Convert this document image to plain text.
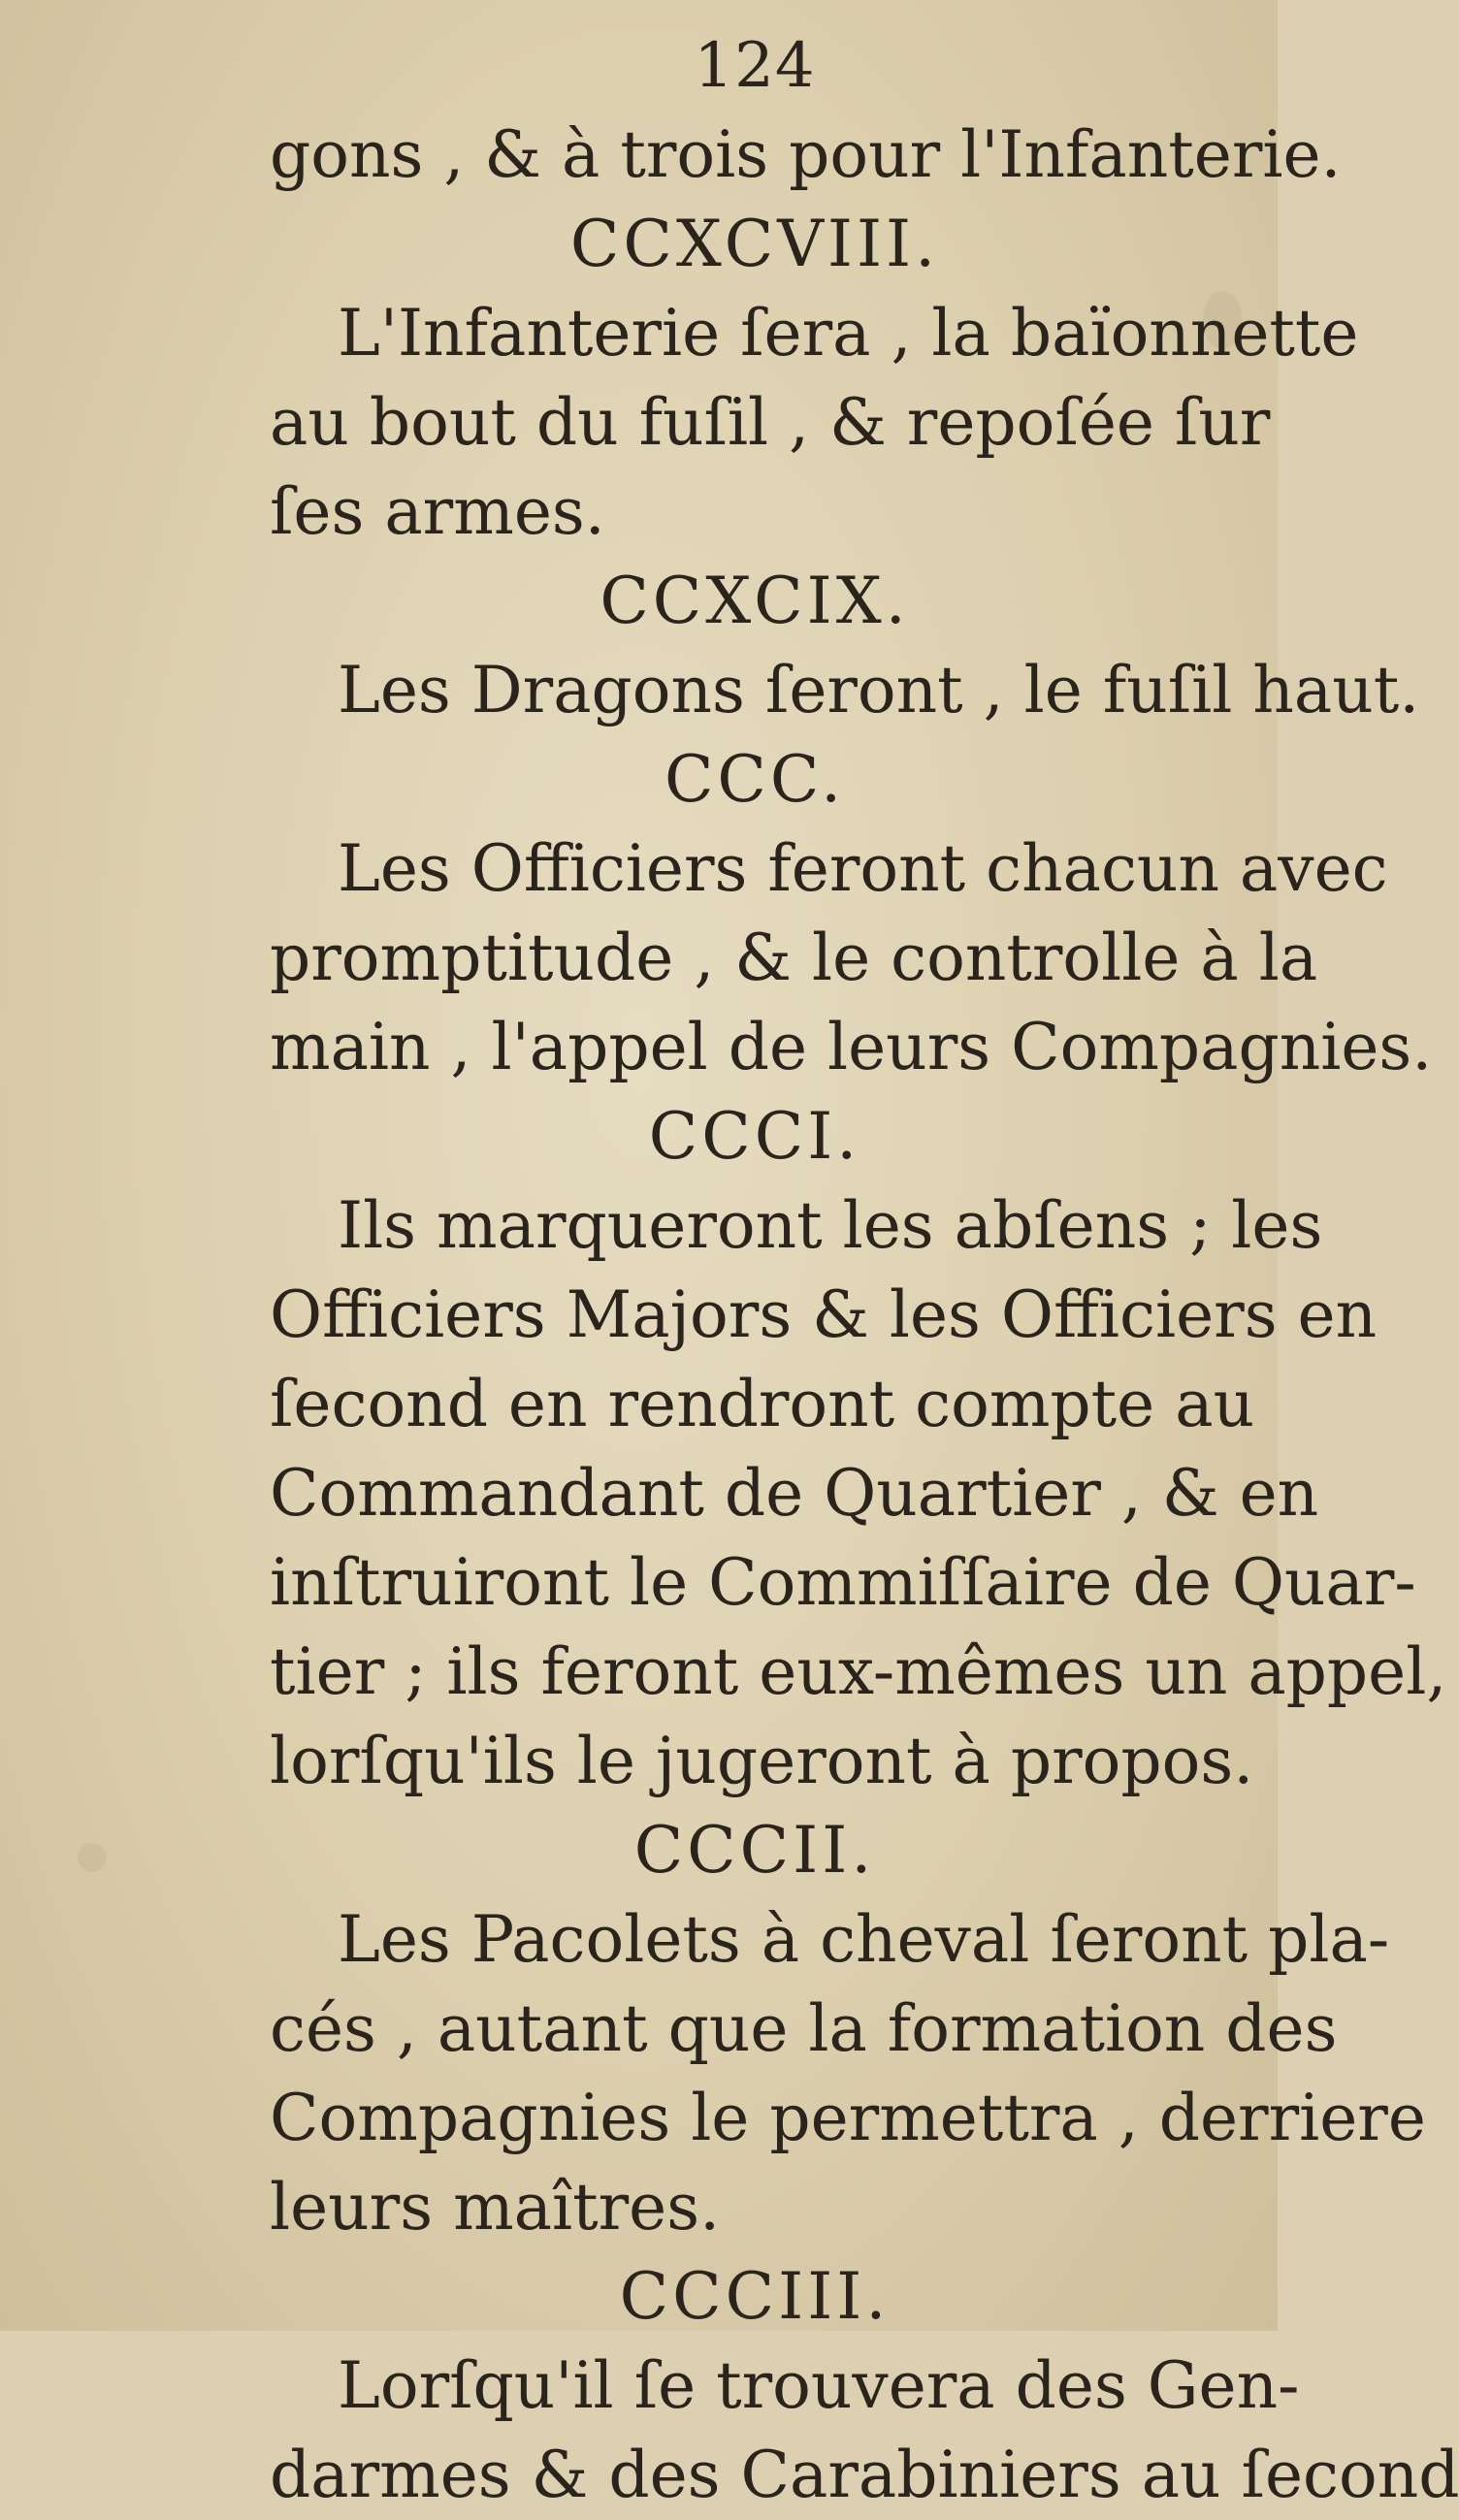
124
gons , & à trois pour l'Infanterie.
CCXCVIII.
L'Infanterie ſera , la baïonnette
au bout du fuſil , & repoſée ſur
ſes armes.
CCXCIX.
Les Dragons ſeront , le fuſil haut.
CCC.
Les Officiers feront chacun avec
promptitude , & le controlle à la
main , l'appel de leurs Compagnies.
CCCI.
Ils marqueront les abſens ; les
Officiers Majors & les Officiers en
ſecond en rendront compte au
Commandant de Quartier , & en
inſtruiront le Commiſſaire de Quar-
tier ; ils feront eux-mêmes un appel,
lorſqu'ils le jugeront à propos.
CCCII.
Les Pacolets à cheval ſeront pla-
cés , autant que la formation des
Compagnies le permettra , derriere
leurs maîtres.
CCCIII.
Lorſqu'il ſe trouvera des Gen-
darmes & des Carabiniers au ſecond
